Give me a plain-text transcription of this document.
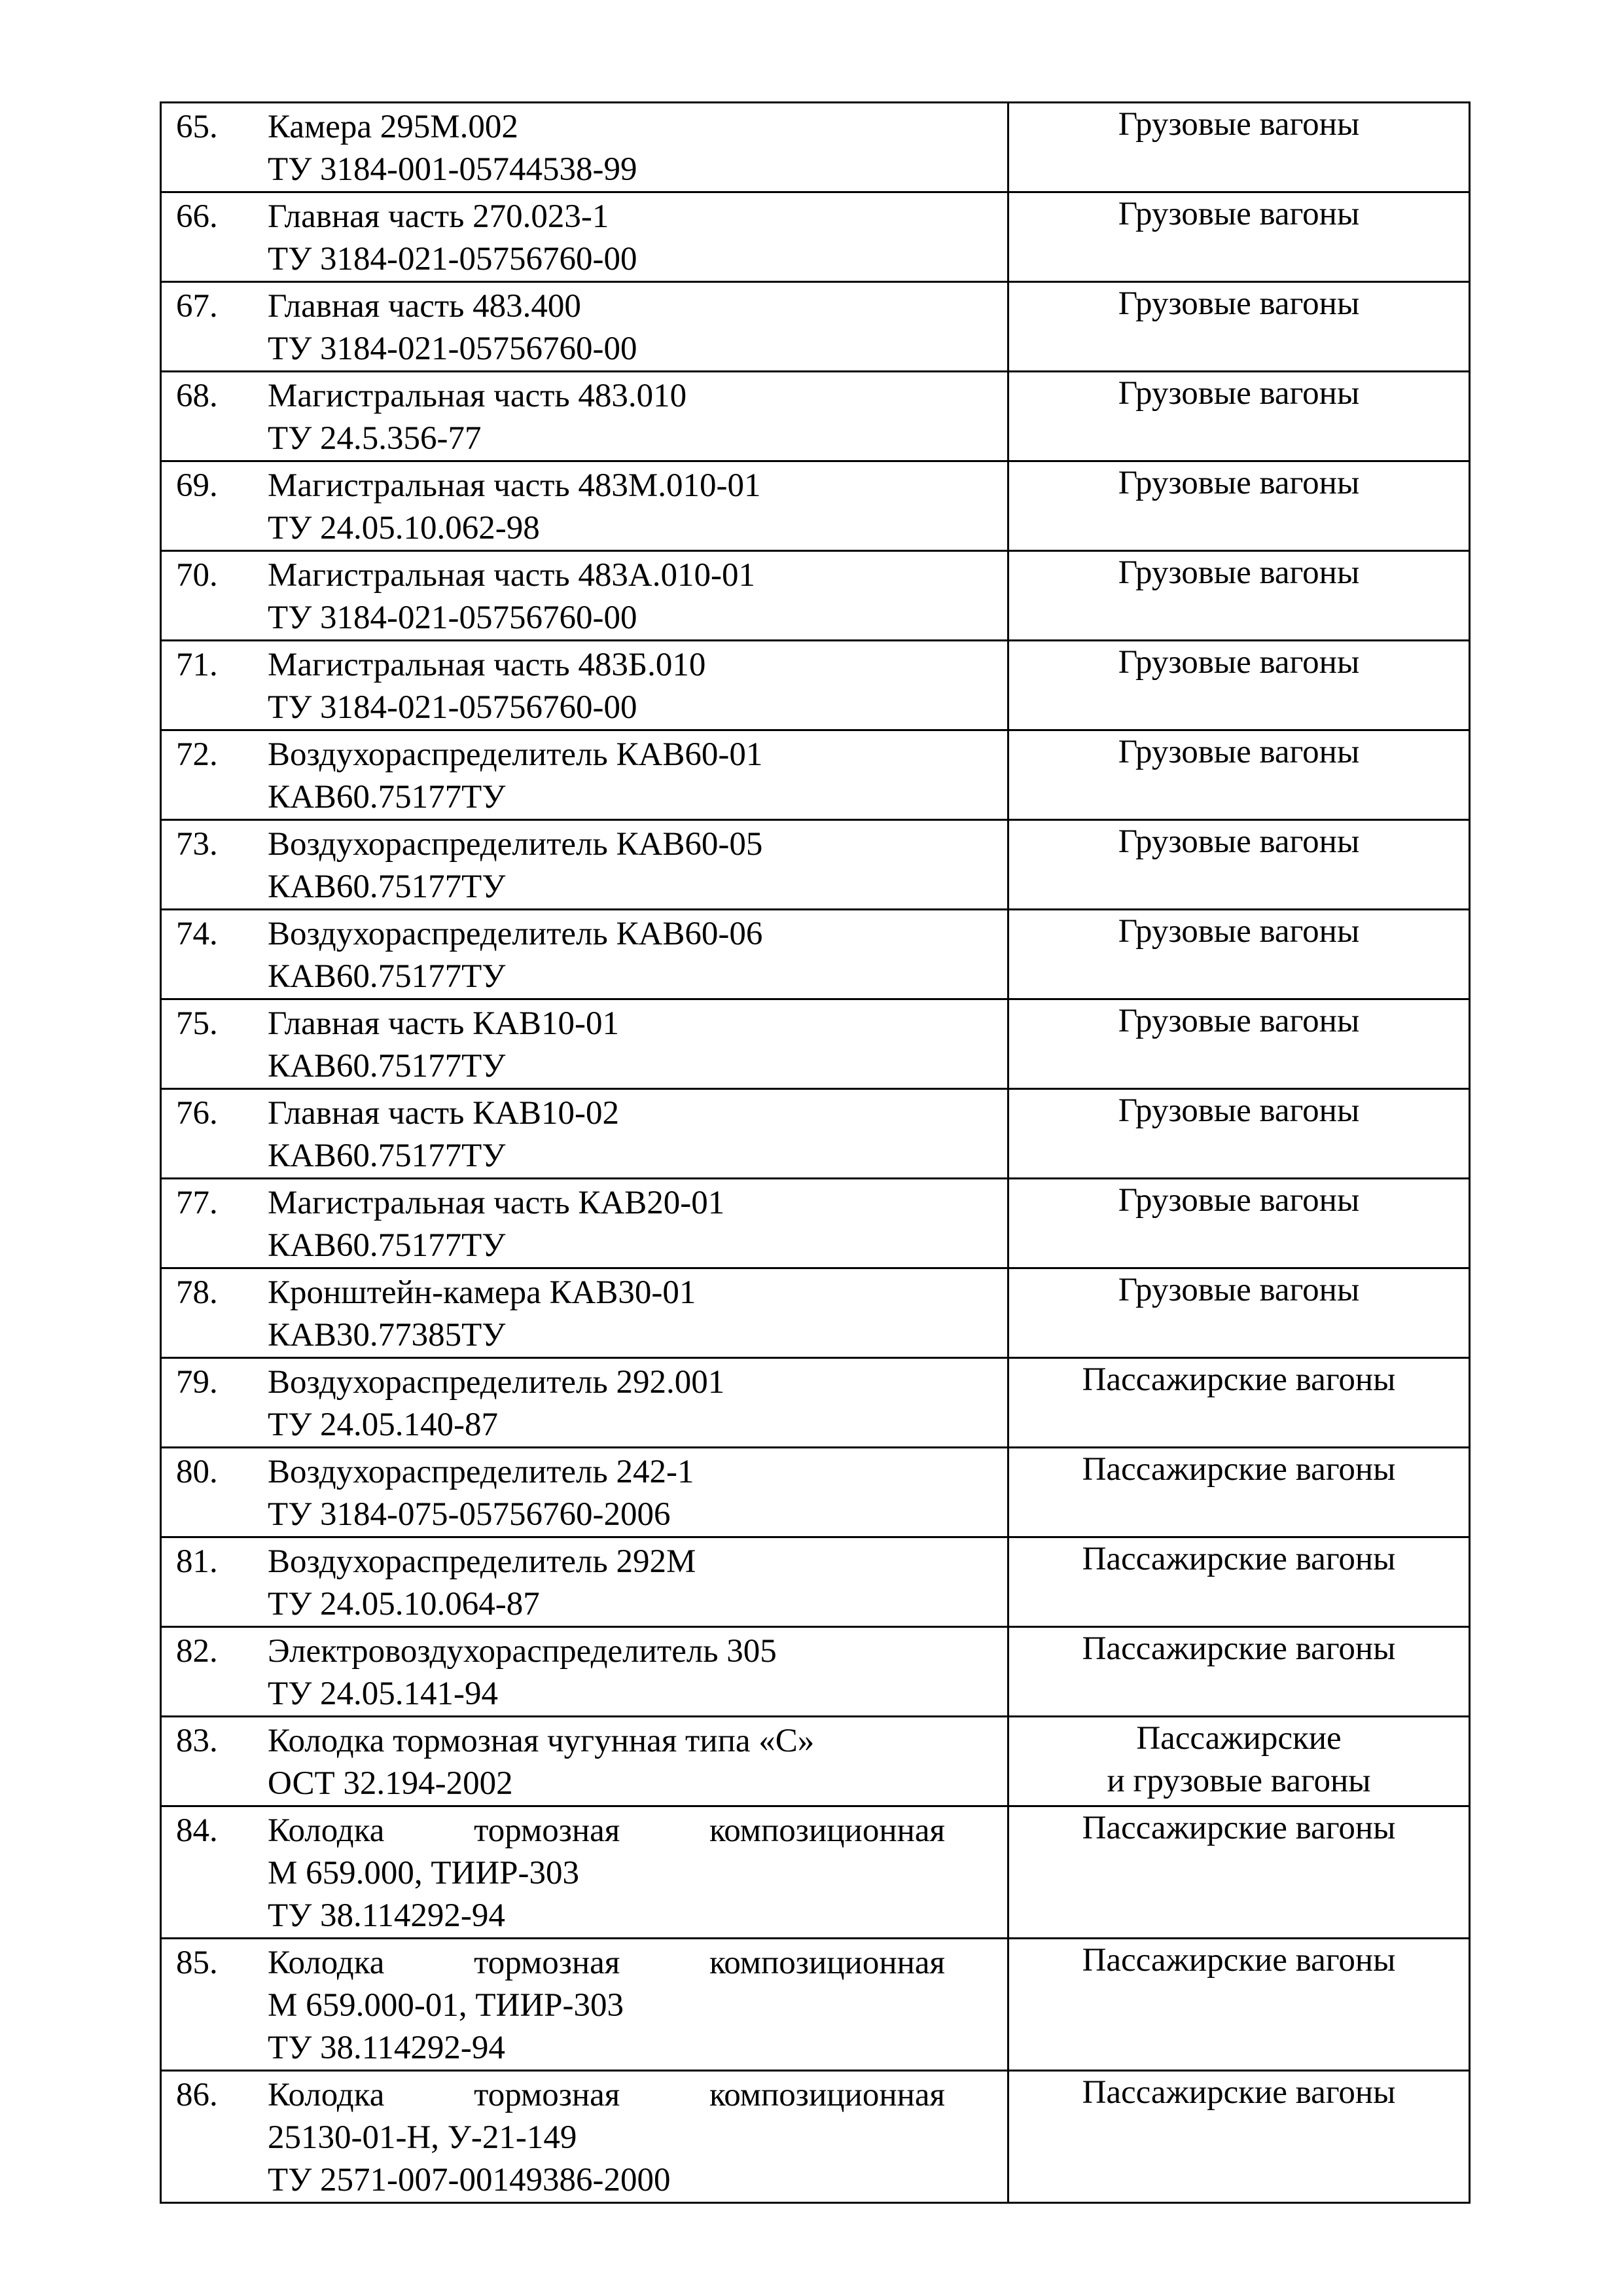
65. Камера 295М.002
ТУ 3184-001-05744538-99	Грузовые вагоны

66. Главная часть 270.023-1
ТУ 3184-021-05756760-00	Грузовые вагоны

67. Главная часть 483.400
ТУ 3184-021-05756760-00	Грузовые вагоны

68. Магистральная часть 483.010
ТУ 24.5.356-77	Грузовые вагоны

69. Магистральная часть 483М.010-01
ТУ 24.05.10.062-98	Грузовые вагоны

70. Магистральная часть 483А.010-01
ТУ 3184-021-05756760-00	Грузовые вагоны

71. Магистральная часть 483Б.010
ТУ 3184-021-05756760-00	Грузовые вагоны

72. Воздухораспределитель КАВ60-01
КАВ60.75177ТУ	Грузовые вагоны

73. Воздухораспределитель КАВ60-05
КАВ60.75177ТУ	Грузовые вагоны

74. Воздухораспределитель КАВ60-06
КАВ60.75177ТУ	Грузовые вагоны

75. Главная часть КАВ10-01
КАВ60.75177ТУ	Грузовые вагоны

76. Главная часть КАВ10-02
КАВ60.75177ТУ	Грузовые вагоны

77. Магистральная часть КАВ20-01
КАВ60.75177ТУ	Грузовые вагоны

78. Кронштейн-камера КАВ30-01
КАВ30.77385ТУ	Грузовые вагоны

79. Воздухораспределитель 292.001
ТУ 24.05.140-87	Пассажирские вагоны

80. Воздухораспределитель 242-1
ТУ 3184-075-05756760-2006	Пассажирские вагоны

81. Воздухораспределитель 292М
ТУ 24.05.10.064-87	Пассажирские вагоны

82. Электровоздухораспределитель 305
ТУ 24.05.141-94	Пассажирские вагоны

83. Колодка тормозная чугунная типа «С»
ОСТ 32.194-2002	Пассажирские
и грузовые вагоны

84. Колодка тормозная композиционная
М 659.000, ТИИР-303
ТУ 38.114292-94	Пассажирские вагоны

85. Колодка тормозная композиционная
М 659.000-01, ТИИР-303
ТУ 38.114292-94	Пассажирские вагоны

86. Колодка тормозная композиционная
25130-01-Н, У-21-149
ТУ 2571-007-00149386-2000	Пассажирские вагоны
